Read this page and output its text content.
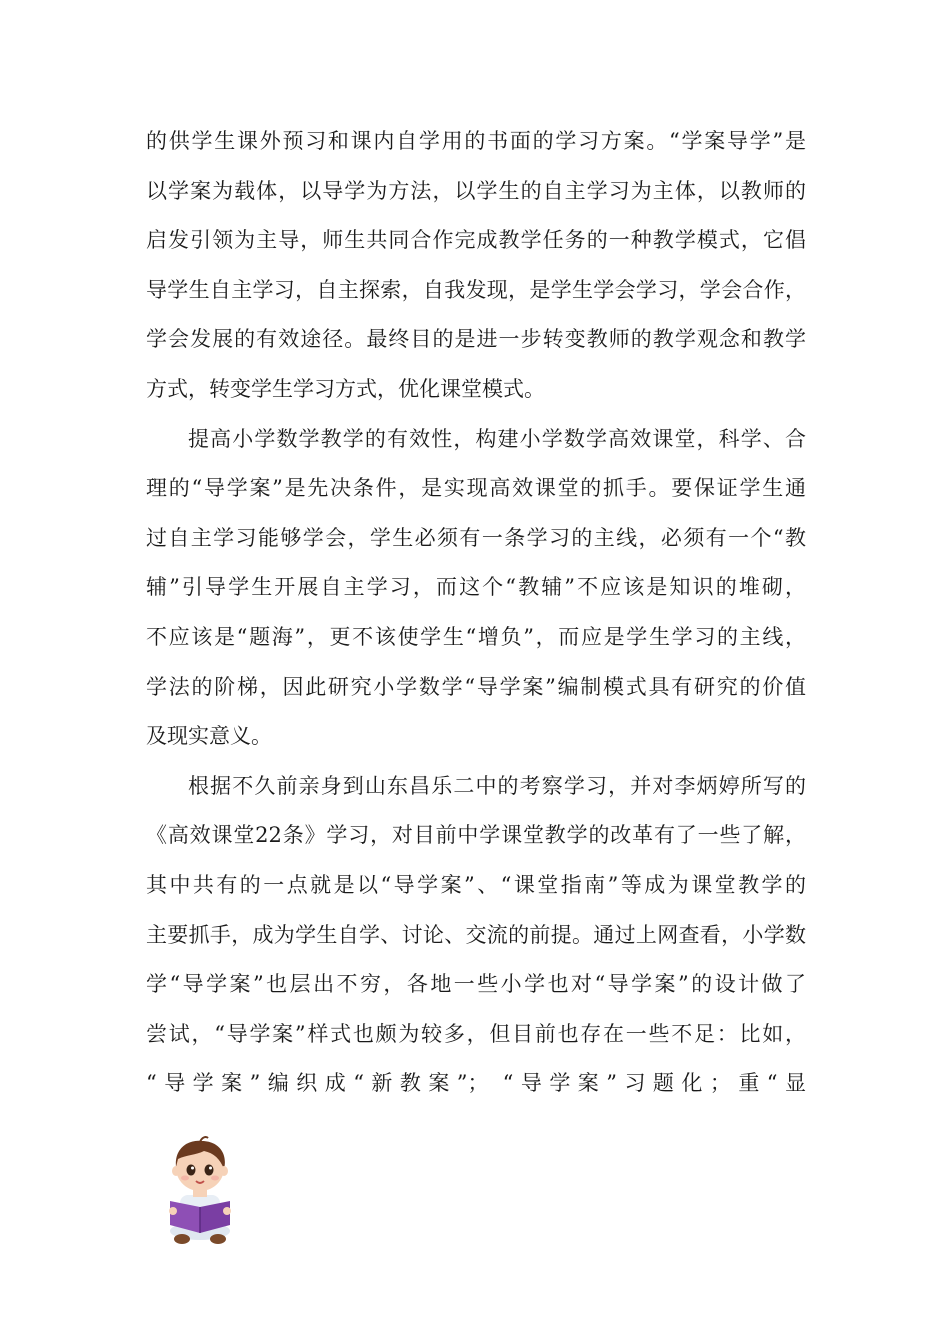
的供学生课外预习和课内自学用的书面的学习方案。“学案导学”是
以学案为载体，以导学为方法，以学生的自主学习为主体，以教师的
启发引领为主导，师生共同合作完成教学任务的一种教学模式，它倡
导学生自主学习，自主探索，自我发现，是学生学会学习，学会合作，
学会发展的有效途径。最终目的是进一步转变教师的教学观念和教学
方式，转变学生学习方式，优化课堂模式。
提高小学数学教学的有效性，构建小学数学高效课堂，科学、合
理的“导学案”是先决条件，是实现高效课堂的抓手。要保证学生通
过自主学习能够学会，学生必须有一条学习的主线，必须有一个“教
辅”引导学生开展自主学习，而这个“教辅”不应该是知识的堆砌，
不应该是“题海”，更不该使学生“增负”，而应是学生学习的主线，
学法的阶梯，因此研究小学数学“导学案”编制模式具有研究的价值
及现实意义。
根据不久前亲身到山东昌乐二中的考察学习，并对李炳婷所写的
《高效课堂22条》学习，对目前中学课堂教学的改革有了一些了解，
其中共有的一点就是以“导学案”、“课堂指南”等成为课堂教学的
主要抓手，成为学生自学、讨论、交流的前提。通过上网查看，小学数
学“导学案”也层出不穷，各地一些小学也对“导学案”的设计做了
尝试，“导学案”样式也颇为较多，但目前也存在一些不足：比如，
“导学案”编织成“新教案”； “导学案”习题化；重“显
